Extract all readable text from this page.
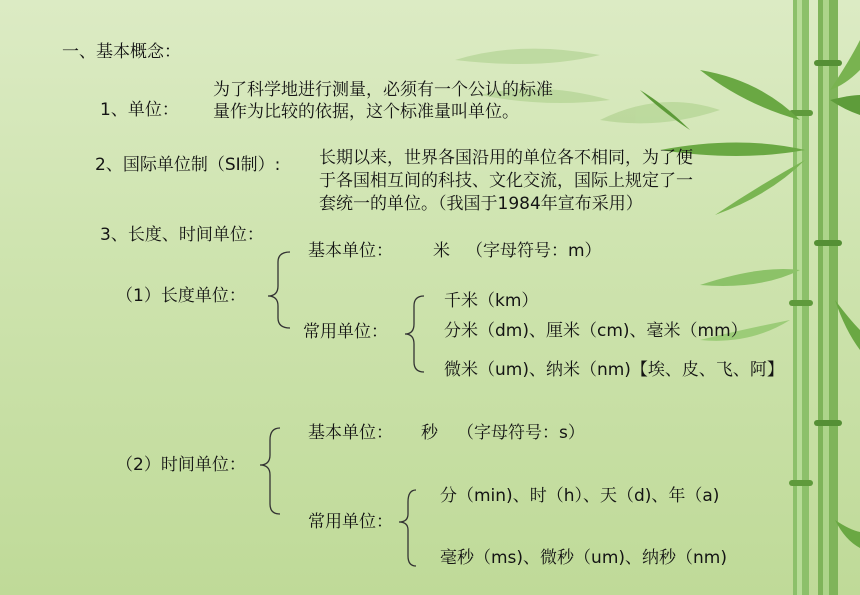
一、基本概念：
1、单位：
为了科学地进行测量，必须有一个公认的标准
量作为比较的依据，这个标准量叫单位。
2、国际单位制（SI制）: 长期以来，世界各国沿用的单位各不相同，为了便
于各国相互间的科技、文化交流，国际上规定了一
套统一的单位。（我国于1984年宣布采用）
3、长度、时间单位：
基本单位： 米 （字母符号：m）
（1）长度单位：
常用单位：
千米（km）
分米（dm)、厘米（cm)、毫米（mm）
微米（um)、纳米（nm)【埃、皮、飞、阿】
基本单位： 秒 （字母符号：s）
（2）时间单位：
常用单位：
分（min)、时（h）、天（d)、年（a)
毫秒（ms)、微秒（um)、纳秒（nm)
